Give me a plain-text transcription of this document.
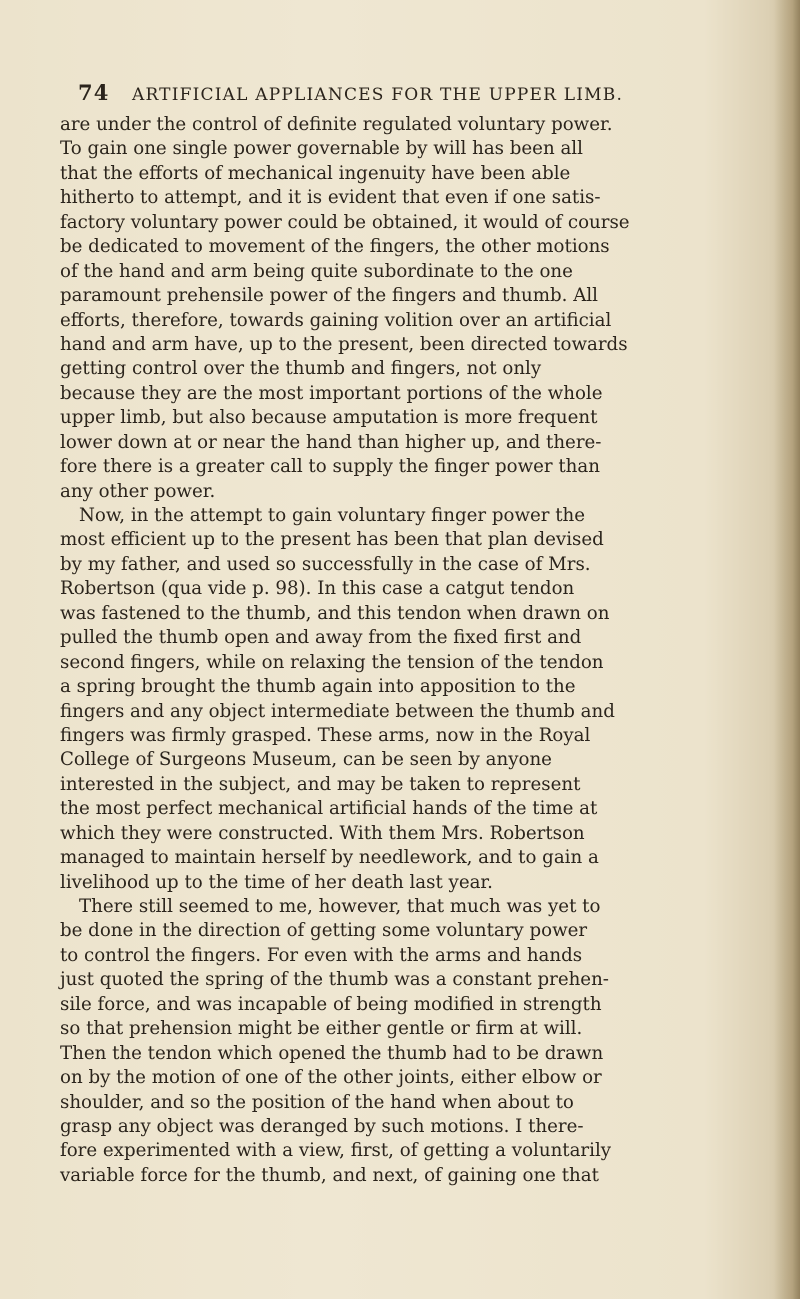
74 ARTIFICIAL APPLIANCES FOR THE UPPER LIMB.
are under the control of definite regulated voluntary power.
To gain one single power governable by will has been all
that the efforts of mechanical ingenuity have been able
hitherto to attempt, and it is evident that even if one satis-
factory voluntary power could be obtained, it would of course
be dedicated to movement of the fingers, the other motions
of the hand and arm being quite subordinate to the one
paramount prehensile power of the fingers and thumb. All
efforts, therefore, towards gaining volition over an artificial
hand and arm have, up to the present, been directed towards
getting control over the thumb and fingers, not only
because they are the most important portions of the whole
upper limb, but also because amputation is more frequent
lower down at or near the hand than higher up, and there-
fore there is a greater call to supply the finger power than
any other power.
Now, in the attempt to gain voluntary finger power the
most efficient up to the present has been that plan devised
by my father, and used so successfully in the case of Mrs.
Robertson (qua vide p. 98). In this case a catgut tendon
was fastened to the thumb, and this tendon when drawn on
pulled the thumb open and away from the fixed first and
second fingers, while on relaxing the tension of the tendon
a spring brought the thumb again into apposition to the
fingers and any object intermediate between the thumb and
fingers was firmly grasped. These arms, now in the Royal
College of Surgeons Museum, can be seen by anyone
interested in the subject, and may be taken to represent
the most perfect mechanical artificial hands of the time at
which they were constructed. With them Mrs. Robertson
managed to maintain herself by needlework, and to gain a
livelihood up to the time of her death last year.
There still seemed to me, however, that much was yet to
be done in the direction of getting some voluntary power
to control the fingers. For even with the arms and hands
just quoted the spring of the thumb was a constant prehen-
sile force, and was incapable of being modified in strength
so that prehension might be either gentle or firm at will.
Then the tendon which opened the thumb had to be drawn
on by the motion of one of the other joints, either elbow or
shoulder, and so the position of the hand when about to
grasp any object was deranged by such motions. I there-
fore experimented with a view, first, of getting a voluntarily
variable force for the thumb, and next, of gaining one that
